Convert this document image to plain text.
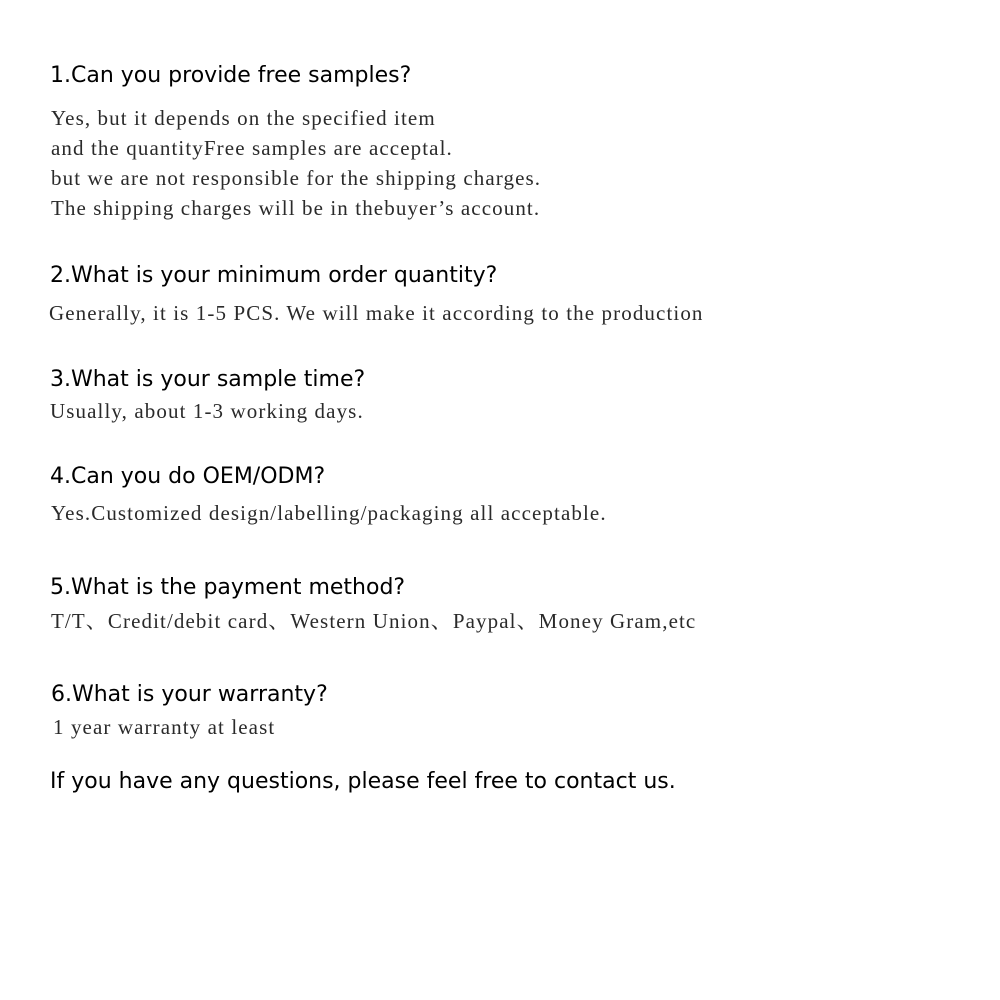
1.Can you provide free samples?
Yes, but it depends on the specified item
and the quantityFree samples are acceptal.
but we are not responsible for the shipping charges.
The shipping charges will be in thebuyer’s account.
2.What is your minimum order quantity?
Generally, it is 1-5 PCS. We will make it according to the production
3.What is your sample time?
Usually, about 1-3 working days.
4.Can you do OEM/ODM?
Yes.Customized design/labelling/packaging all acceptable.
5.What is the payment method?
T/T、Credit/debit card、Western Union、Paypal、Money Gram,etc
6.What is your warranty?
1 year warranty at least

If you have any questions, please feel free to contact us.
